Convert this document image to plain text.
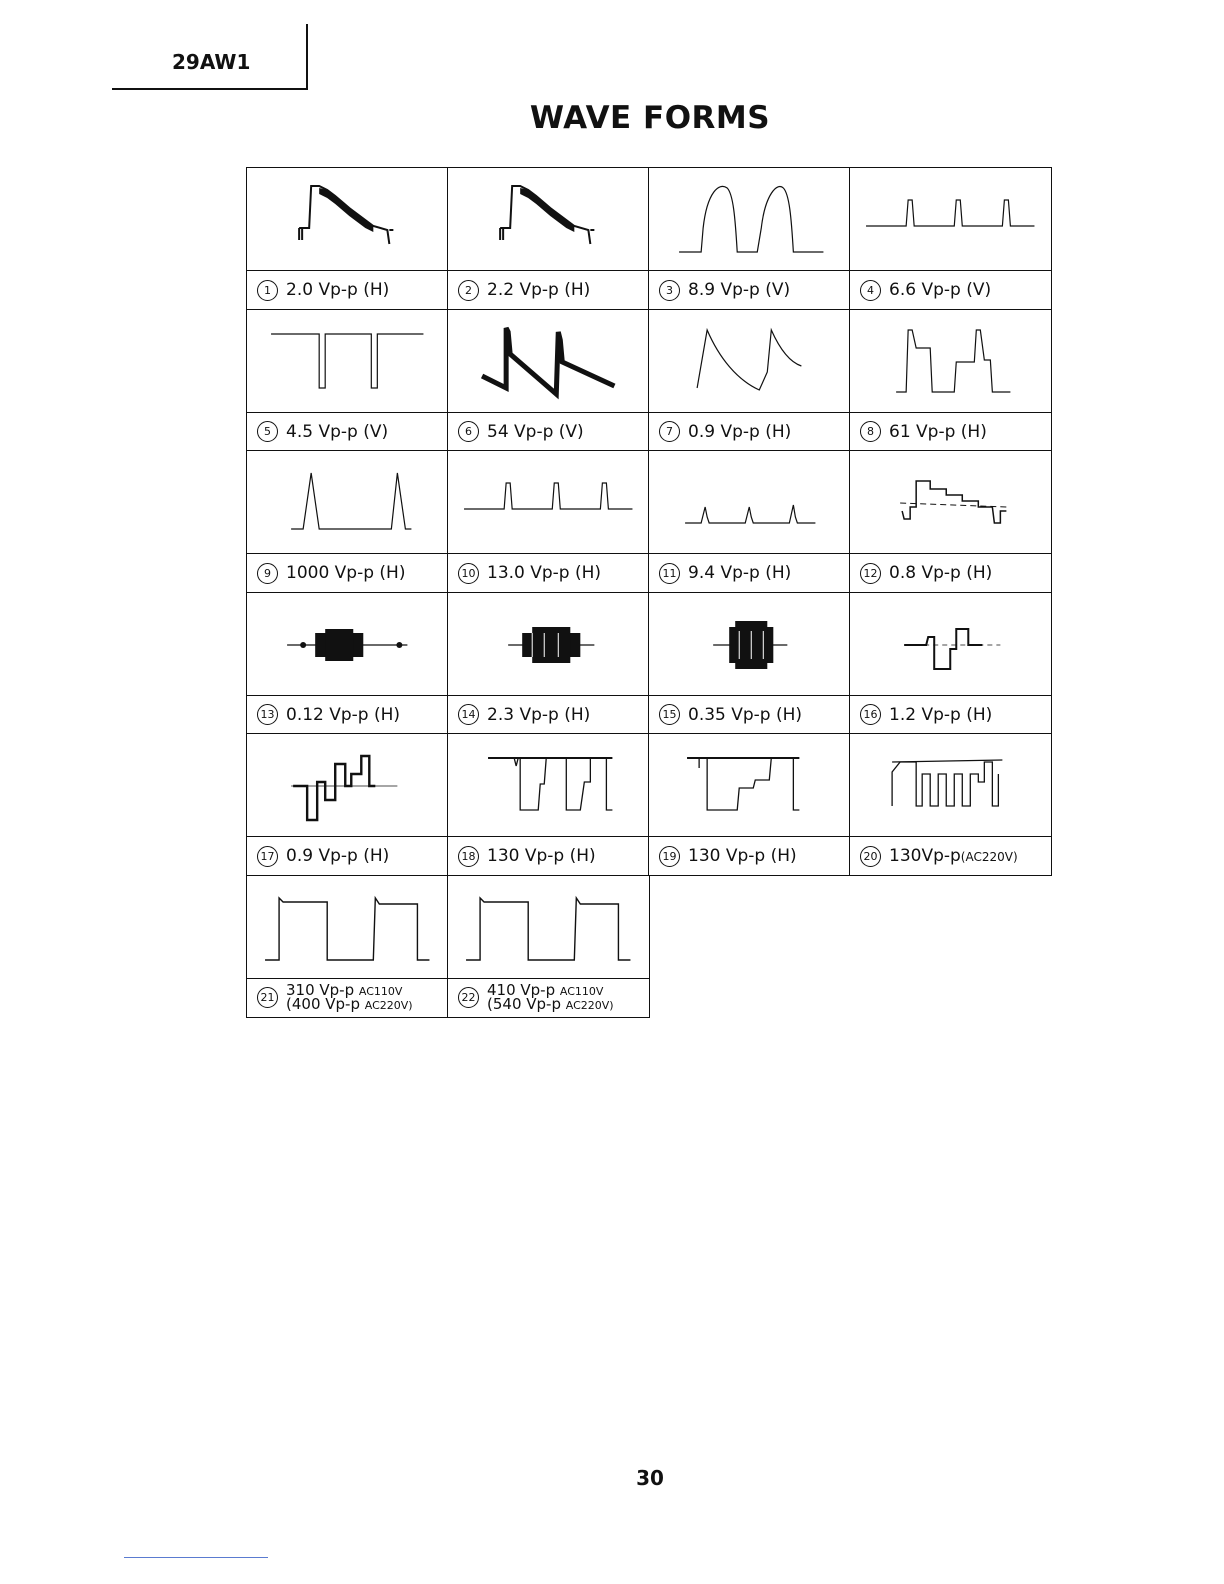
29AW1
WAVE FORMS
1 2.0 Vp-p (H)	2 2.2 Vp-p (H)	3 8.9 Vp-p (V)	4 6.6 Vp-p (V)
5 4.5 Vp-p (V)	6 54 Vp-p (V)	7 0.9 Vp-p (H)	8 61 Vp-p (H)
9 1000 Vp-p (H)	10 13.0 Vp-p (H)	11 9.4 Vp-p (H)	12 0.8 Vp-p (H)
13 0.12 Vp-p (H)	14 2.3 Vp-p (H)	15 0.35 Vp-p (H)	16 1.2 Vp-p (H)
17 0.9 Vp-p (H)	18 130 Vp-p (H)	19 130 Vp-p (H)	20 130Vp-p(AC220V)
21 310 Vp-p AC110V
(400 Vp-p AC220V)
22 410 Vp-p AC110V
(540 Vp-p AC220V)
30
